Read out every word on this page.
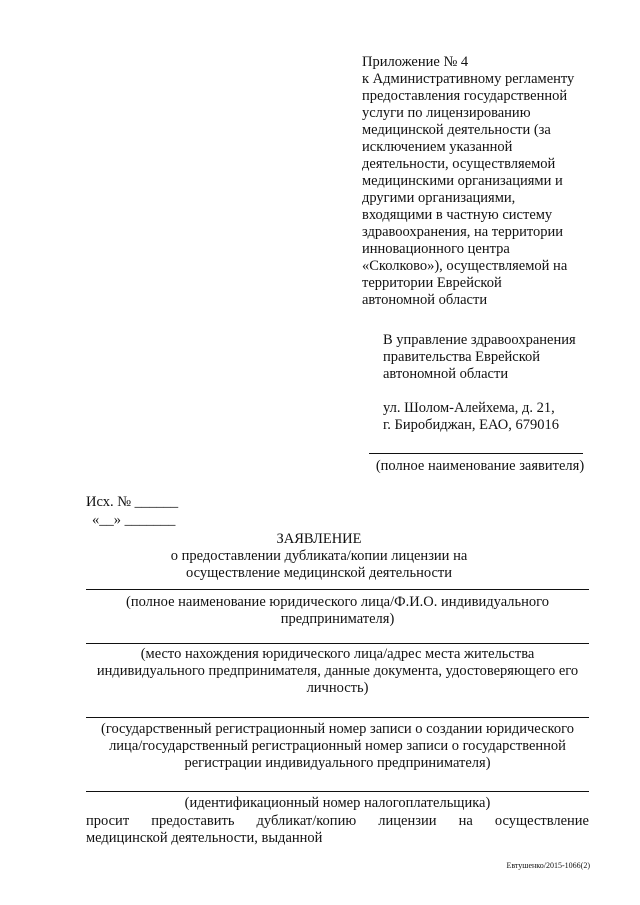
Приложение № 4
к Административному регламенту
предоставления государственной
услуги по лицензированию
медицинской деятельности (за
исключением указанной
деятельности, осуществляемой
медицинскими организациями и
другими организациями,
входящими в частную систему
здравоохранения, на территории
инновационного центра
«Сколково»), осуществляемой на
территории Еврейской
автономной области
В управление здравоохранения
правительства Еврейской
автономной области
ул. Шолом-Алейхема, д. 21,
г. Биробиджан, ЕАО, 679016
(полное наименование заявителя)
Исх. № ______
«__» _______
ЗАЯВЛЕНИЕ
о предоставлении дубликата/копии лицензии на
осуществление медицинской деятельности
(полное наименование юридического лица/Ф.И.О. индивидуального
предпринимателя)
(место нахождения юридического лица/адрес места жительства
индивидуального предпринимателя, данные документа, удостоверяющего его
личность)
(государственный регистрационный номер записи о создании юридического
лица/государственный регистрационный номер записи о государственной
регистрации индивидуального предпринимателя)
(идентификационный номер налогоплательщика)
просит предоставить дубликат/копию лицензии на осуществление
медицинской деятельности, выданной
Евтушенко/2015-1066(2)
